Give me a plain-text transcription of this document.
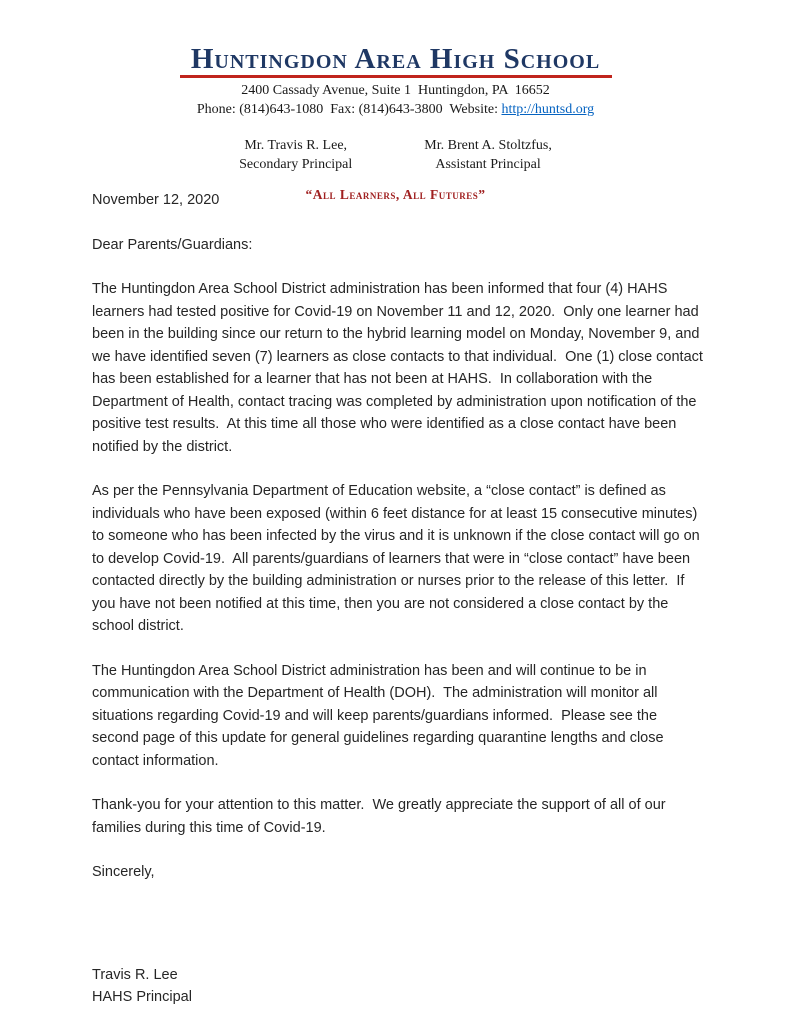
Huntingdon Area High School
2400 Cassady Avenue, Suite 1  Huntingdon, PA  16652
Phone: (814)643-1080  Fax: (814)643-3800  Website: http://huntsd.org
Mr. Travis R. Lee,
Secondary Principal
Mr. Brent A. Stoltzfus,
Assistant Principal
“All Learners, All Futures”

November 12, 2020

Dear Parents/Guardians:

The Huntingdon Area School District administration has been informed that four (4) HAHS learners had tested positive for Covid-19 on November 11 and 12, 2020.  Only one learner had been in the building since our return to the hybrid learning model on Monday, November 9, and we have identified seven (7) learners as close contacts to that individual.  One (1) close contact has been established for a learner that has not been at HAHS.  In collaboration with the Department of Health, contact tracing was completed by administration upon notification of the positive test results.  At this time all those who were identified as a close contact have been notified by the district.

As per the Pennsylvania Department of Education website, a “close contact” is defined as individuals who have been exposed (within 6 feet distance for at least 15 consecutive minutes) to someone who has been infected by the virus and it is unknown if the close contact will go on to develop Covid-19.  All parents/guardians of learners that were in “close contact” have been contacted directly by the building administration or nurses prior to the release of this letter.  If you have not been notified at this time, then you are not considered a close contact by the school district.

The Huntingdon Area School District administration has been and will continue to be in communication with the Department of Health (DOH).  The administration will monitor all situations regarding Covid-19 and will keep parents/guardians informed.  Please see the second page of this update for general guidelines regarding quarantine lengths and close contact information.

Thank-you for your attention to this matter.  We greatly appreciate the support of all of our families during this time of Covid-19.

Sincerely,

Travis R. Lee

HAHS Principal
